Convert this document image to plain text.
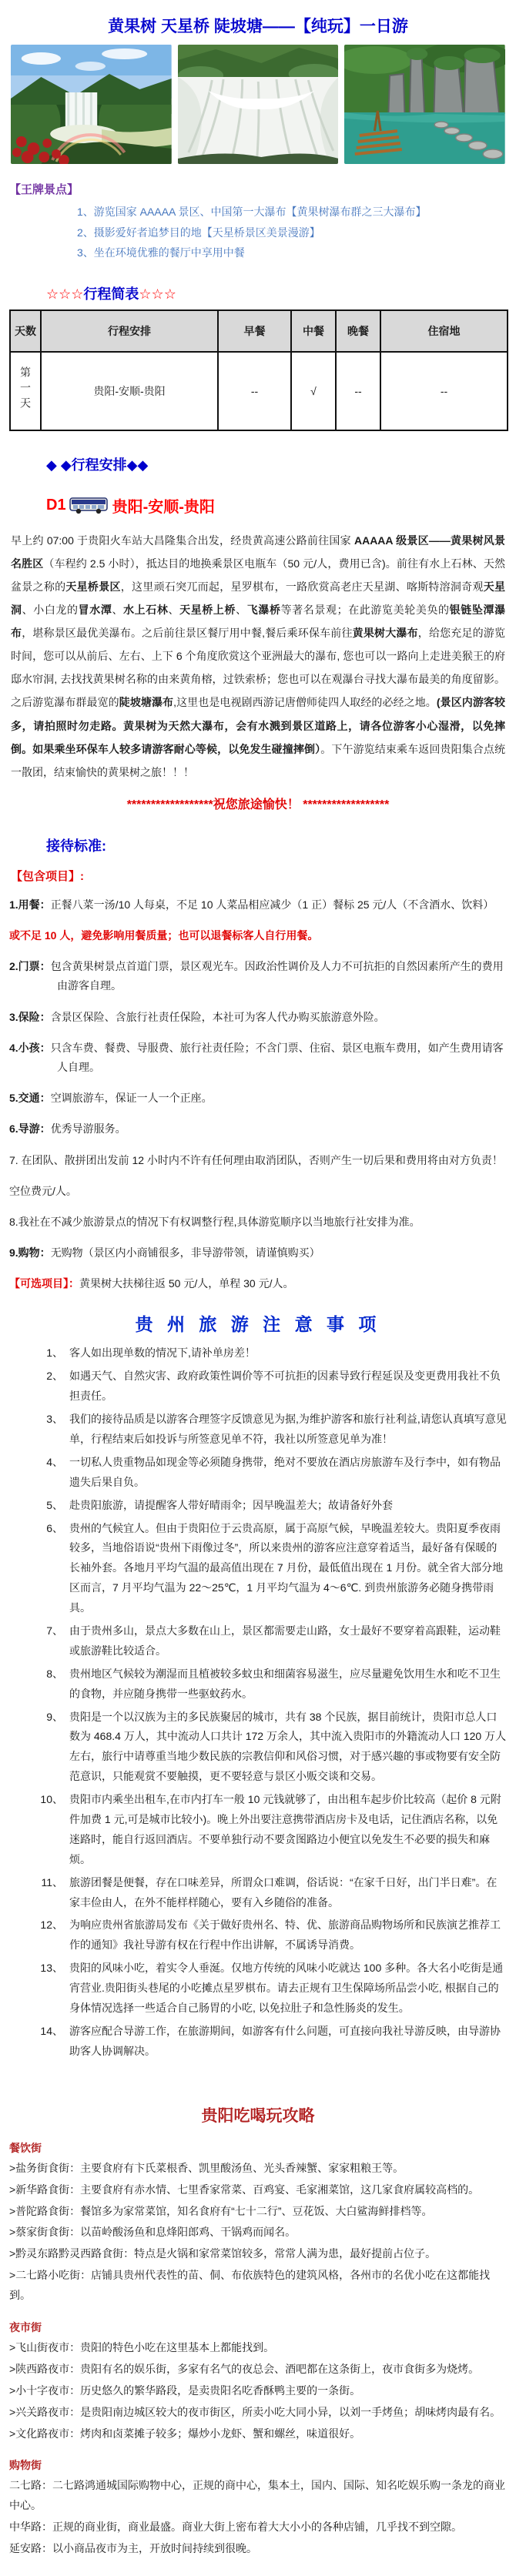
黄果树 天星桥 陡坡塘——【纯玩】一日游
【王牌景点】
1、游览国家 AAAAA 景区、中国第一大瀑布【黄果树瀑布群之三大瀑布】
2、摄影爱好者追梦目的地【天星桥景区美景漫游】
3、坐在环境优雅的餐厅中享用中餐
☆☆☆行程简表☆☆☆
天数	行程安排	早餐	中餐	晚餐	住宿地
第一天	贵阳-安顺-贵阳	--	√	--	--
◆ ◆行程安排◆◆
D1	贵阳-安顺-贵阳
早上约 07:00 于贵阳火车站大昌隆集合出发，经贵黄高速公路前往国家 AAAAA 级景区——黄果树风景名胜区（车程约 2.5 小时），抵达目的地换乘景区电瓶车（50 元/人，费用已含)。前往有水上石林、天然盆景之称的天星桥景区，这里顽石突兀而起，星罗棋布，一路欣赏高老庄天星湖、喀斯特溶洞奇观天星洞、小白龙的冒水潭、水上石林、天星桥上桥、飞瀑桥等著名景观；在此游览美轮美奂的银链坠潭瀑布，堪称景区最优美瀑布。之后前往景区餐厅用中餐,餐后乘环保车前往黄果树大瀑布，给您充足的游览时间，您可以从前后、左右、上下 6 个角度欣赏这个亚洲最大的瀑布, 您也可以一路向上走进美猴王的府邸水帘洞, 去找找黄果树名称的由来黄角榕，过铁索桥；您也可以在观瀑台寻找大瀑布最美的角度留影。之后游览瀑布群最宽的陡坡塘瀑布,这里也是电视剧西游记唐僧师徒四人取经的必经之地。(景区内游客较多，请拍照时勿走路。黄果树为天然大瀑布，会有水溅到景区道路上，请各位游客小心湿滑，以免摔倒。如果乘坐环保车人较多请游客耐心等候，以免发生碰撞摔倒）。下午游览结束乘车返回贵阳集合点统一散团，结束愉快的黄果树之旅！！！
******************祝您旅途愉快！ ******************
接待标准:
【包含项目】:
1.用餐：正餐八菜一汤/10 人每桌，不足 10 人菜品相应减少（1 正）餐标 25 元/人（不含酒水、饮料）
或不足 10 人，避免影响用餐质量；也可以退餐标客人自行用餐。
2.门票：包含黄果树景点首道门票，景区观光车。因政治性调价及人力不可抗拒的自然因素所产生的费用由游客自理。
3.保险：含景区保险、含旅行社责任保险，本社可为客人代办购买旅游意外险。
4.小孩：只含车费、餐费、导服费、旅行社责任险；不含门票、住宿、景区电瓶车费用，如产生费用请客人自理。
5.交通：空调旅游车，保证一人一个正座。
6.导游：优秀导游服务。
7. 在团队、散拼团出发前 12 小时内不许有任何理由取消团队，否则产生一切后果和费用将由对方负责！
空位费元/人。
8.我社在不减少旅游景点的情况下有权调整行程,具体游览顺序以当地旅行社安排为准。
9.购物：无购物（景区内小商铺很多，非导游带领，请谨慎购买）
【可选项目】：黄果树大扶梯往返 50 元/人，单程 30 元/人。
贵 州 旅 游 注 意 事 项
1、 客人如出现单数的情况下,请补单房差！
2、 如遇天气、自然灾害、政府政策性调价等不可抗拒的因素导致行程延误及变更费用我社不负担责任。
3、 我们的接待品质是以游客合理签字反馈意见为据,为维护游客和旅行社利益,请您认真填写意见单，行程结束后如投诉与所签意见单不符，我社以所签意见单为准！
4、 一切私人贵重物品如现金等必须随身携带，绝对不要放在酒店房旅游车及行李中，如有物品遗失后果自负。
5、 赴贵阳旅游，请提醒客人带好晴雨伞；因早晚温差大；故请备好外套
6、 贵州的气候宜人。但由于贵阳位于云贵高原，属于高原气候，早晚温差较大。贵阳夏季夜雨较多，当地俗语说“贵州下雨像过冬”，所以来贵州的游客应注意穿着适当，最好备有保暖的长袖外套。各地月平均气温的最高值出现在 7 月份，最低值出现在 1 月份。就全省大部分地区而言，7 月平均气温为 22～25℃，1 月平均气温为 4～6℃. 到贵州旅游务必随身携带雨具。
7、 由于贵州多山，景点大多数在山上，景区都需要走山路，女士最好不要穿着高跟鞋，运动鞋或旅游鞋比较适合。
8、 贵州地区气候较为潮湿而且植被较多蚊虫和细菌容易滋生，应尽量避免饮用生水和吃不卫生的食物，并应随身携带一些驱蚊药水。
9、 贵阳是一个以汉族为主的多民族聚居的城市，共有 38 个民族，据目前统计，贵阳市总人口数为 468.4 万人，其中流动人口共计 172 万余人，其中流入贵阳市的外籍流动人口 120 万人左右，旅行中请尊重当地少数民族的宗教信仰和风俗习惯，对于感兴趣的事或物要有安全防范意识，只能观赏不要触摸，更不要轻意与景区小贩交谈和交易。
10、 贵阳市内乘坐出租车,在市内打车一般 10 元钱就够了，由出租车起步价比较高（起价 8 元附件加费 1 元,可是城市比较小)。晚上外出要注意携带酒店房卡及电话，记住酒店名称，以免迷路时，能自行返回酒店。不要单独行动不要贪图路边小便宜以免发生不必要的损失和麻烦。
11、 旅游团餐是便餐，存在口味差异，所谓众口难调，俗话说：“在家千日好，出门半日难”。在家丰俭由人，在外不能样样随心，要有入乡随俗的准备。
12、 为响应贵州省旅游局发布《关于做好贵州名、特、优、旅游商品购物场所和民族演艺推荐工作的通知》我社导游有权在行程中作出讲解，不属诱导消费。
13、 贵阳的风味小吃，着实令人垂涎。仅地方传统的风味小吃就达 100 多种。各大名小吃街是通宵营业.贵阳街头巷尾的小吃摊点星罗棋布。请去正规有卫生保障场所品尝小吃, 根据自己的身体情况选择一些适合自己肠胃的小吃, 以免拉肚子和急性肠炎的发生。
14、 游客应配合导游工作，在旅游期间，如游客有什么问题，可直接向我社导游反映，由导游协助客人协调解决。
贵阳吃喝玩攻略
餐饮街
>盐务街食街：主要食府有卞氏菜根香、凯里酸汤鱼、光头香辣蟹、家家粗粮王等。
>新华路食街：主要食府有赤水情、七里香家常菜、百鸡宴、毛家湘菜馆，这几家食府属较高档的。
>普陀路食街：餐馆多为家常菜馆，知名食府有“七十二行”、豆花饭、大白鲨海鲜排档等。
>蔡家街食街：以苗岭酸汤鱼和息烽阳郎鸡、干锅鸡而闻名。
>黔灵东路黔灵西路食街：特点是火锅和家常菜馆较多，常常人满为患，最好提前占位子。
>二七路小吃街：店铺具贵州代表性的苗、侗、布依族特色的建筑风格，各州市的名优小吃在这都能找到。
夜市街
>飞山街夜市：贵阳的特色小吃在这里基本上都能找到。
>陕西路夜市：贵阳有名的娱乐街，多家有名气的夜总会、酒吧都在这条街上，夜市食街多为烧烤。
>小十字夜市：历史悠久的繁华路段，是卖贵阳名吃香酥鸭主要的一条街。
>兴关路夜市：是贵阳南边城区较大的夜市街区，所卖小吃大同小异，以刘一手烤鱼；胡味烤肉最有名。
>文化路夜市：烤肉和卤菜摊子较多；爆炒小龙虾、蟹和螺丝，味道很好。
购物街
二七路：二七路鸿通城国际购物中心，正规的商中心，集本土，国内、国际、知名吃娱乐购一条龙的商业中心。
中华路：正规的商业街，商业最盛。商业大街上密布着大大小小的各种店铺，几乎找不到空隙。
延安路：以小商品夜市为主，开放时间持续到很晚。
